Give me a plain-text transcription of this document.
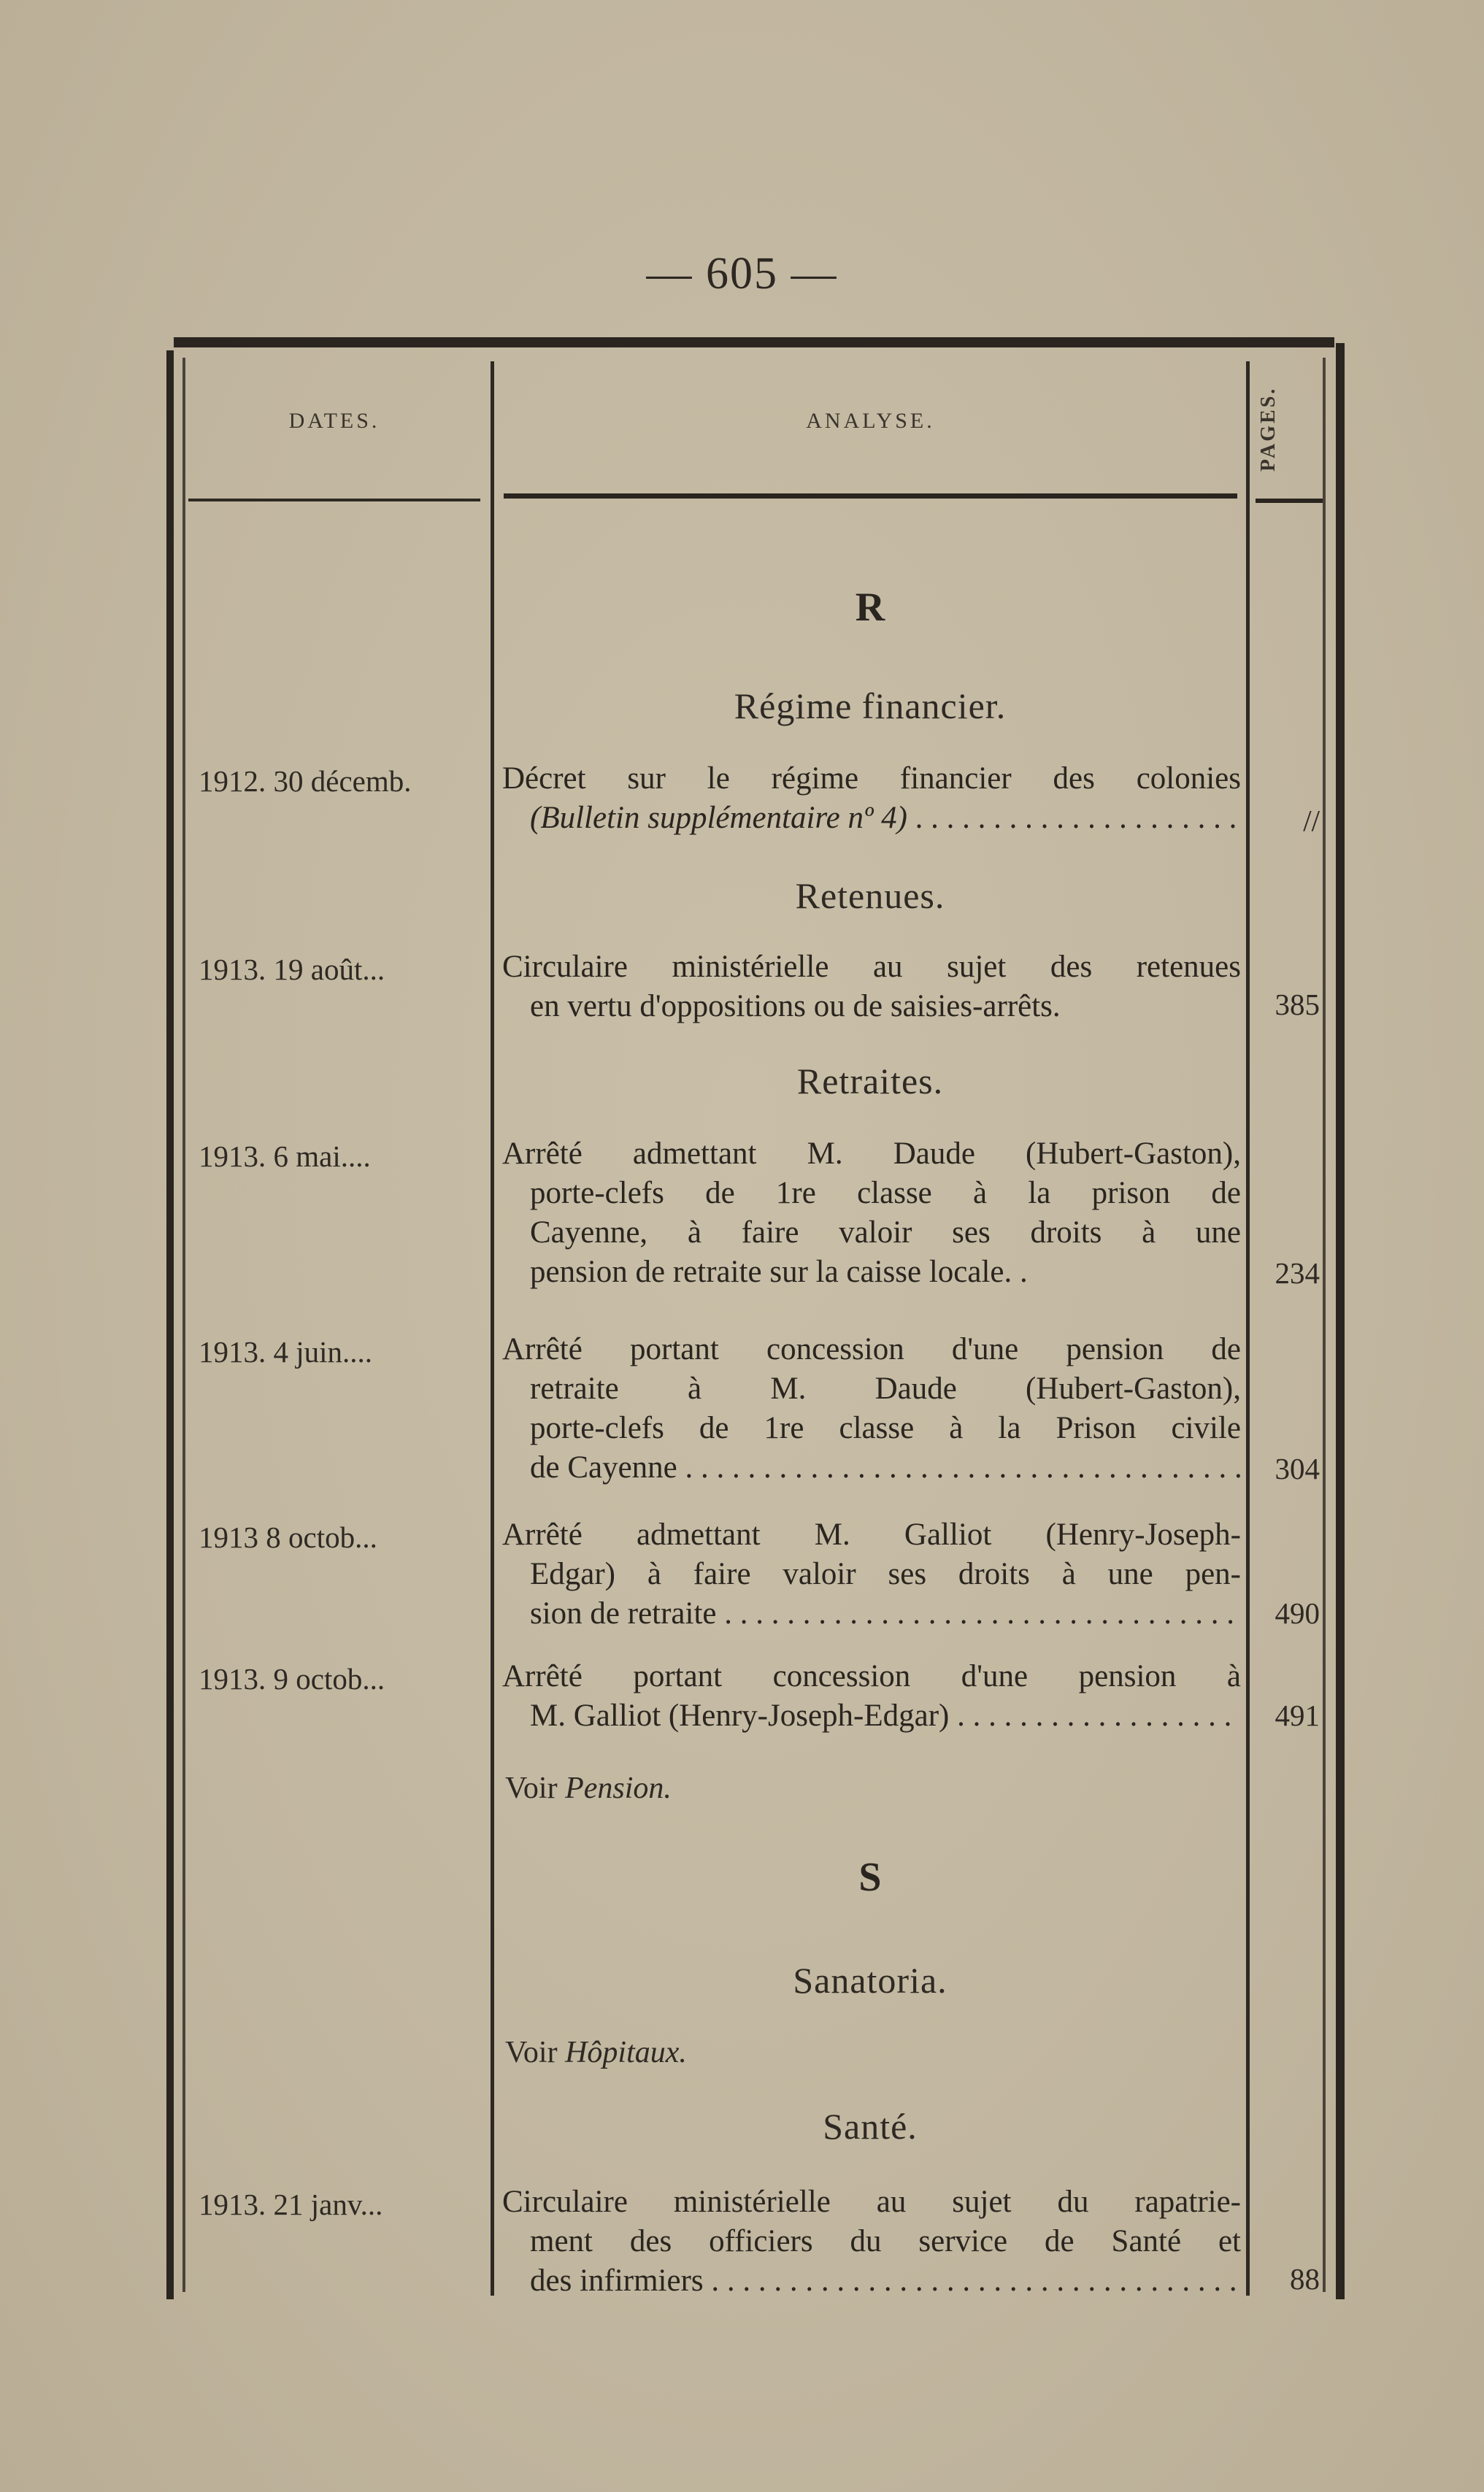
— 605 —
DATES.	ANALYSE.	PAGES.
R
Régime financier.
1912. 30 décemb.	Décret sur le régime financier des colonies
(Bulletin supplémentaire nº 4) . . .	//
Retenues.
1913. 19 août...	Circulaire ministérielle au sujet des retenues
en vertu d'oppositions ou de saisies-arrêts.	385
Retraites.
1913. 6 mai....	Arrêté admettant M. Daude (Hubert-Gaston),
porte-clefs de 1re classe à la prison de
Cayenne, à faire valoir ses droits à une
pension de retraite sur la caisse locale. .	234
1913. 4 juin....	Arrêté portant concession d'une pension de
retraite à M. Daude (Hubert-Gaston),
porte-clefs de 1re classe à la Prison civile
de Cayenne . . .	304
1913 8 octob...	Arrêté admettant M. Galliot (Henry-Joseph-
Edgar) à faire valoir ses droits à une pen-
sion de retraite . . .	490
1913. 9 octob...	Arrêté portant concession d'une pension à
M. Galliot (Henry-Joseph-Edgar) . . .	491
Voir Pension.
S
Sanatoria.
Voir Hôpitaux.
Santé.
1913. 21 janv...	Circulaire ministérielle au sujet du rapatrie-
ment des officiers du service de Santé et
des infirmiers . . .	88
